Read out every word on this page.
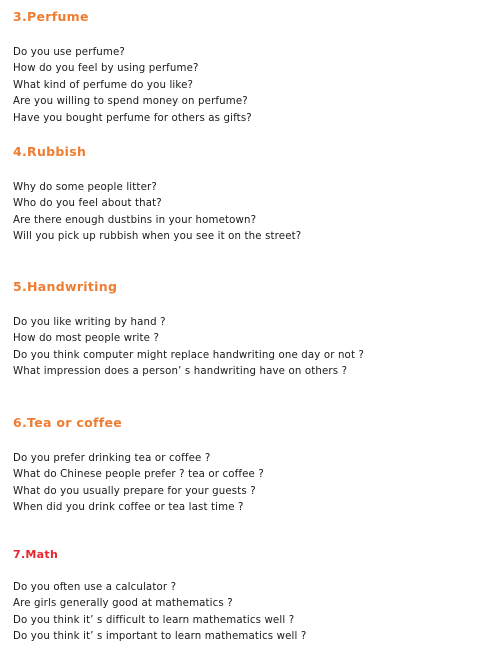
3.Perfume
Do you use perfume?
How do you feel by using perfume?
What kind of perfume do you like?
Are you willing to spend money on perfume?
Have you bought perfume for others as gifts?
4.Rubbish
Why do some people litter?
Who do you feel about that?
Are there enough dustbins in your hometown?
Will you pick up rubbish when you see it on the street?
5.Handwriting
Do you like writing by hand ?
How do most people write ?
Do you think computer might replace handwriting one day or not ?
What impression does a person’ s handwriting have on others ?
6.Tea or coffee
Do you prefer drinking tea or coffee ?
What do Chinese people prefer ? tea or coffee ?
What do you usually prepare for your guests ?
When did you drink coffee or tea last time ?
7.Math
Do you often use a calculator ?
Are girls generally good at mathematics ?
Do you think it’ s difficult to learn mathematics well ?
Do you think it’ s important to learn mathematics well ?
